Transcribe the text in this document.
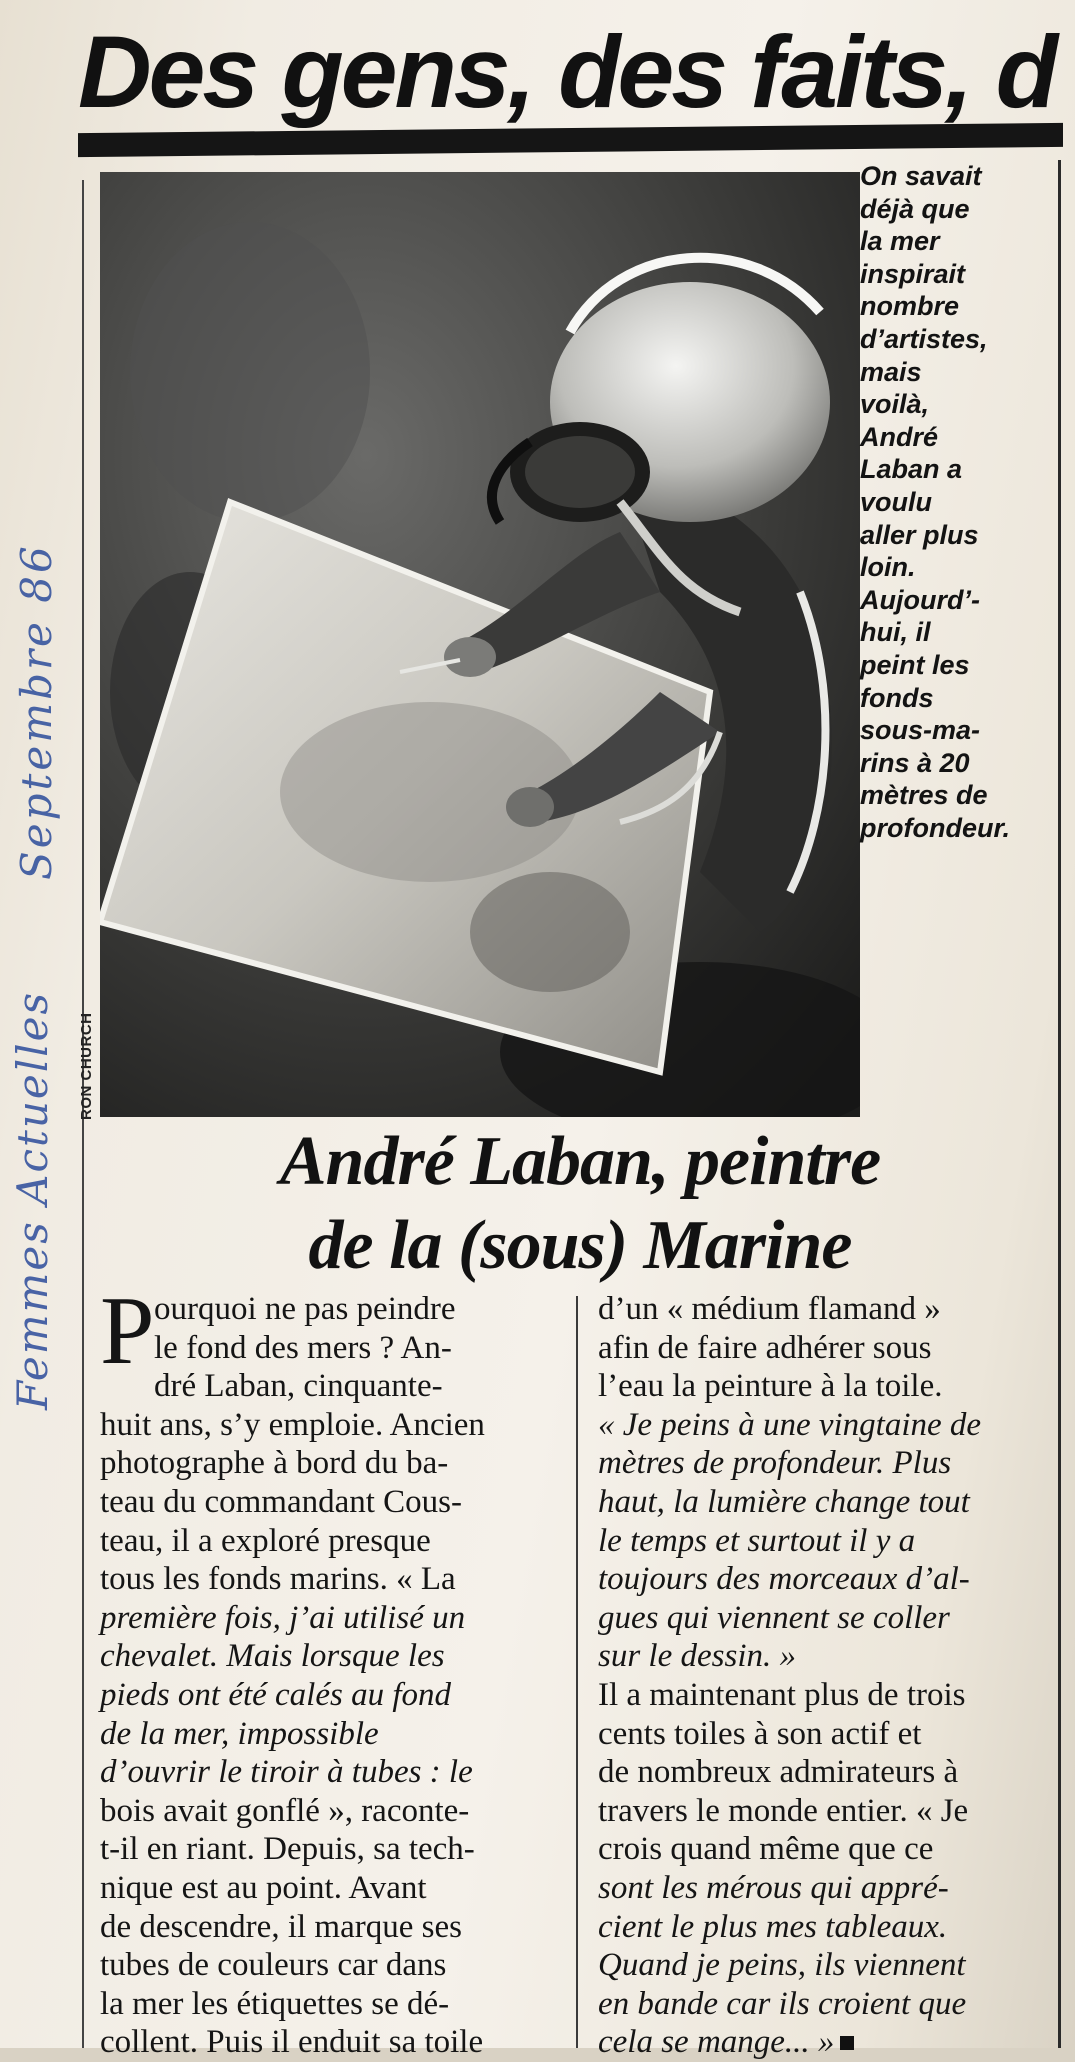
Des gens, des faits, d
RON CHURCH
On savait
déjà que
la mer
inspirait
nombre
d’artistes,
mais
voilà,
André
Laban a
voulu
aller plus
loin.
Aujourd’-
hui, il
peint les
fonds
sous-ma-
rins à 20
mètres de
profondeur.
André Laban, peintre
de la (sous) Marine
P ourquoi ne pas peindre
le fond des mers ? An-
dré Laban, cinquante-
huit ans, s’y emploie. Ancien
photographe à bord du ba-
teau du commandant Cous-
teau, il a exploré presque
tous les fonds marins. « La
première fois, j’ai utilisé un
chevalet. Mais lorsque les
pieds ont été calés au fond
de la mer, impossible
d’ouvrir le tiroir à tubes : le
bois avait gonflé », raconte-
t-il en riant. Depuis, sa tech-
nique est au point. Avant
de descendre, il marque ses
tubes de couleurs car dans
la mer les étiquettes se dé-
collent. Puis il enduit sa toile
d’un « médium flamand »
afin de faire adhérer sous
l’eau la peinture à la toile.
« Je peins à une vingtaine de
mètres de profondeur. Plus
haut, la lumière change tout
le temps et surtout il y a
toujours des morceaux d’al-
gues qui viennent se coller
sur le dessin. »
Il a maintenant plus de trois
cents toiles à son actif et
de nombreux admirateurs à
travers le monde entier. « Je
crois quand même que ce
sont les mérous qui appré-
cient le plus mes tableaux.
Quand je peins, ils viennent
en bande car ils croient que
cela se mange... »
Septembre 86
Femmes Actuelles
